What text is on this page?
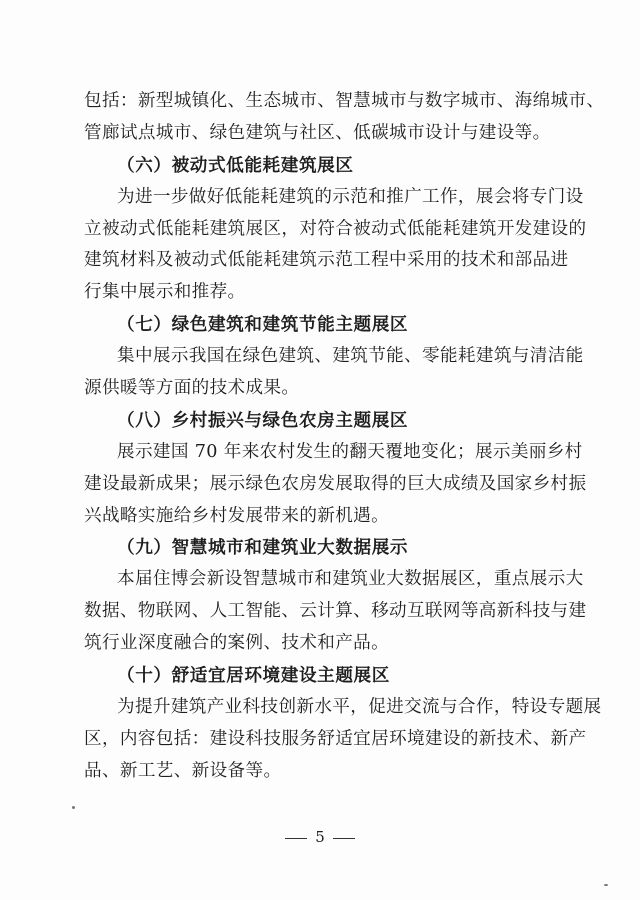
包括：新型城镇化、生态城市、智慧城市与数字城市、海绵城市、
管廊试点城市、绿色建筑与社区、低碳城市设计与建设等。
（六）被动式低能耗建筑展区
为进一步做好低能耗建筑的示范和推广工作，展会将专门设
立被动式低能耗建筑展区，对符合被动式低能耗建筑开发建设的
建筑材料及被动式低能耗建筑示范工程中采用的技术和部品进
行集中展示和推荐。
（七）绿色建筑和建筑节能主题展区
集中展示我国在绿色建筑、建筑节能、零能耗建筑与清洁能
源供暖等方面的技术成果。
（八）乡村振兴与绿色农房主题展区
展示建国 70 年来农村发生的翻天覆地变化；展示美丽乡村
建设最新成果；展示绿色农房发展取得的巨大成绩及国家乡村振
兴战略实施给乡村发展带来的新机遇。
（九）智慧城市和建筑业大数据展示
本届住博会新设智慧城市和建筑业大数据展区，重点展示大
数据、物联网、人工智能、云计算、移动互联网等高新科技与建
筑行业深度融合的案例、技术和产品。
（十）舒适宜居环境建设主题展区
为提升建筑产业科技创新水平，促进交流与合作，特设专题展
区，内容包括：建设科技服务舒适宜居环境建设的新技术、新产
品、新工艺、新设备等。
5
